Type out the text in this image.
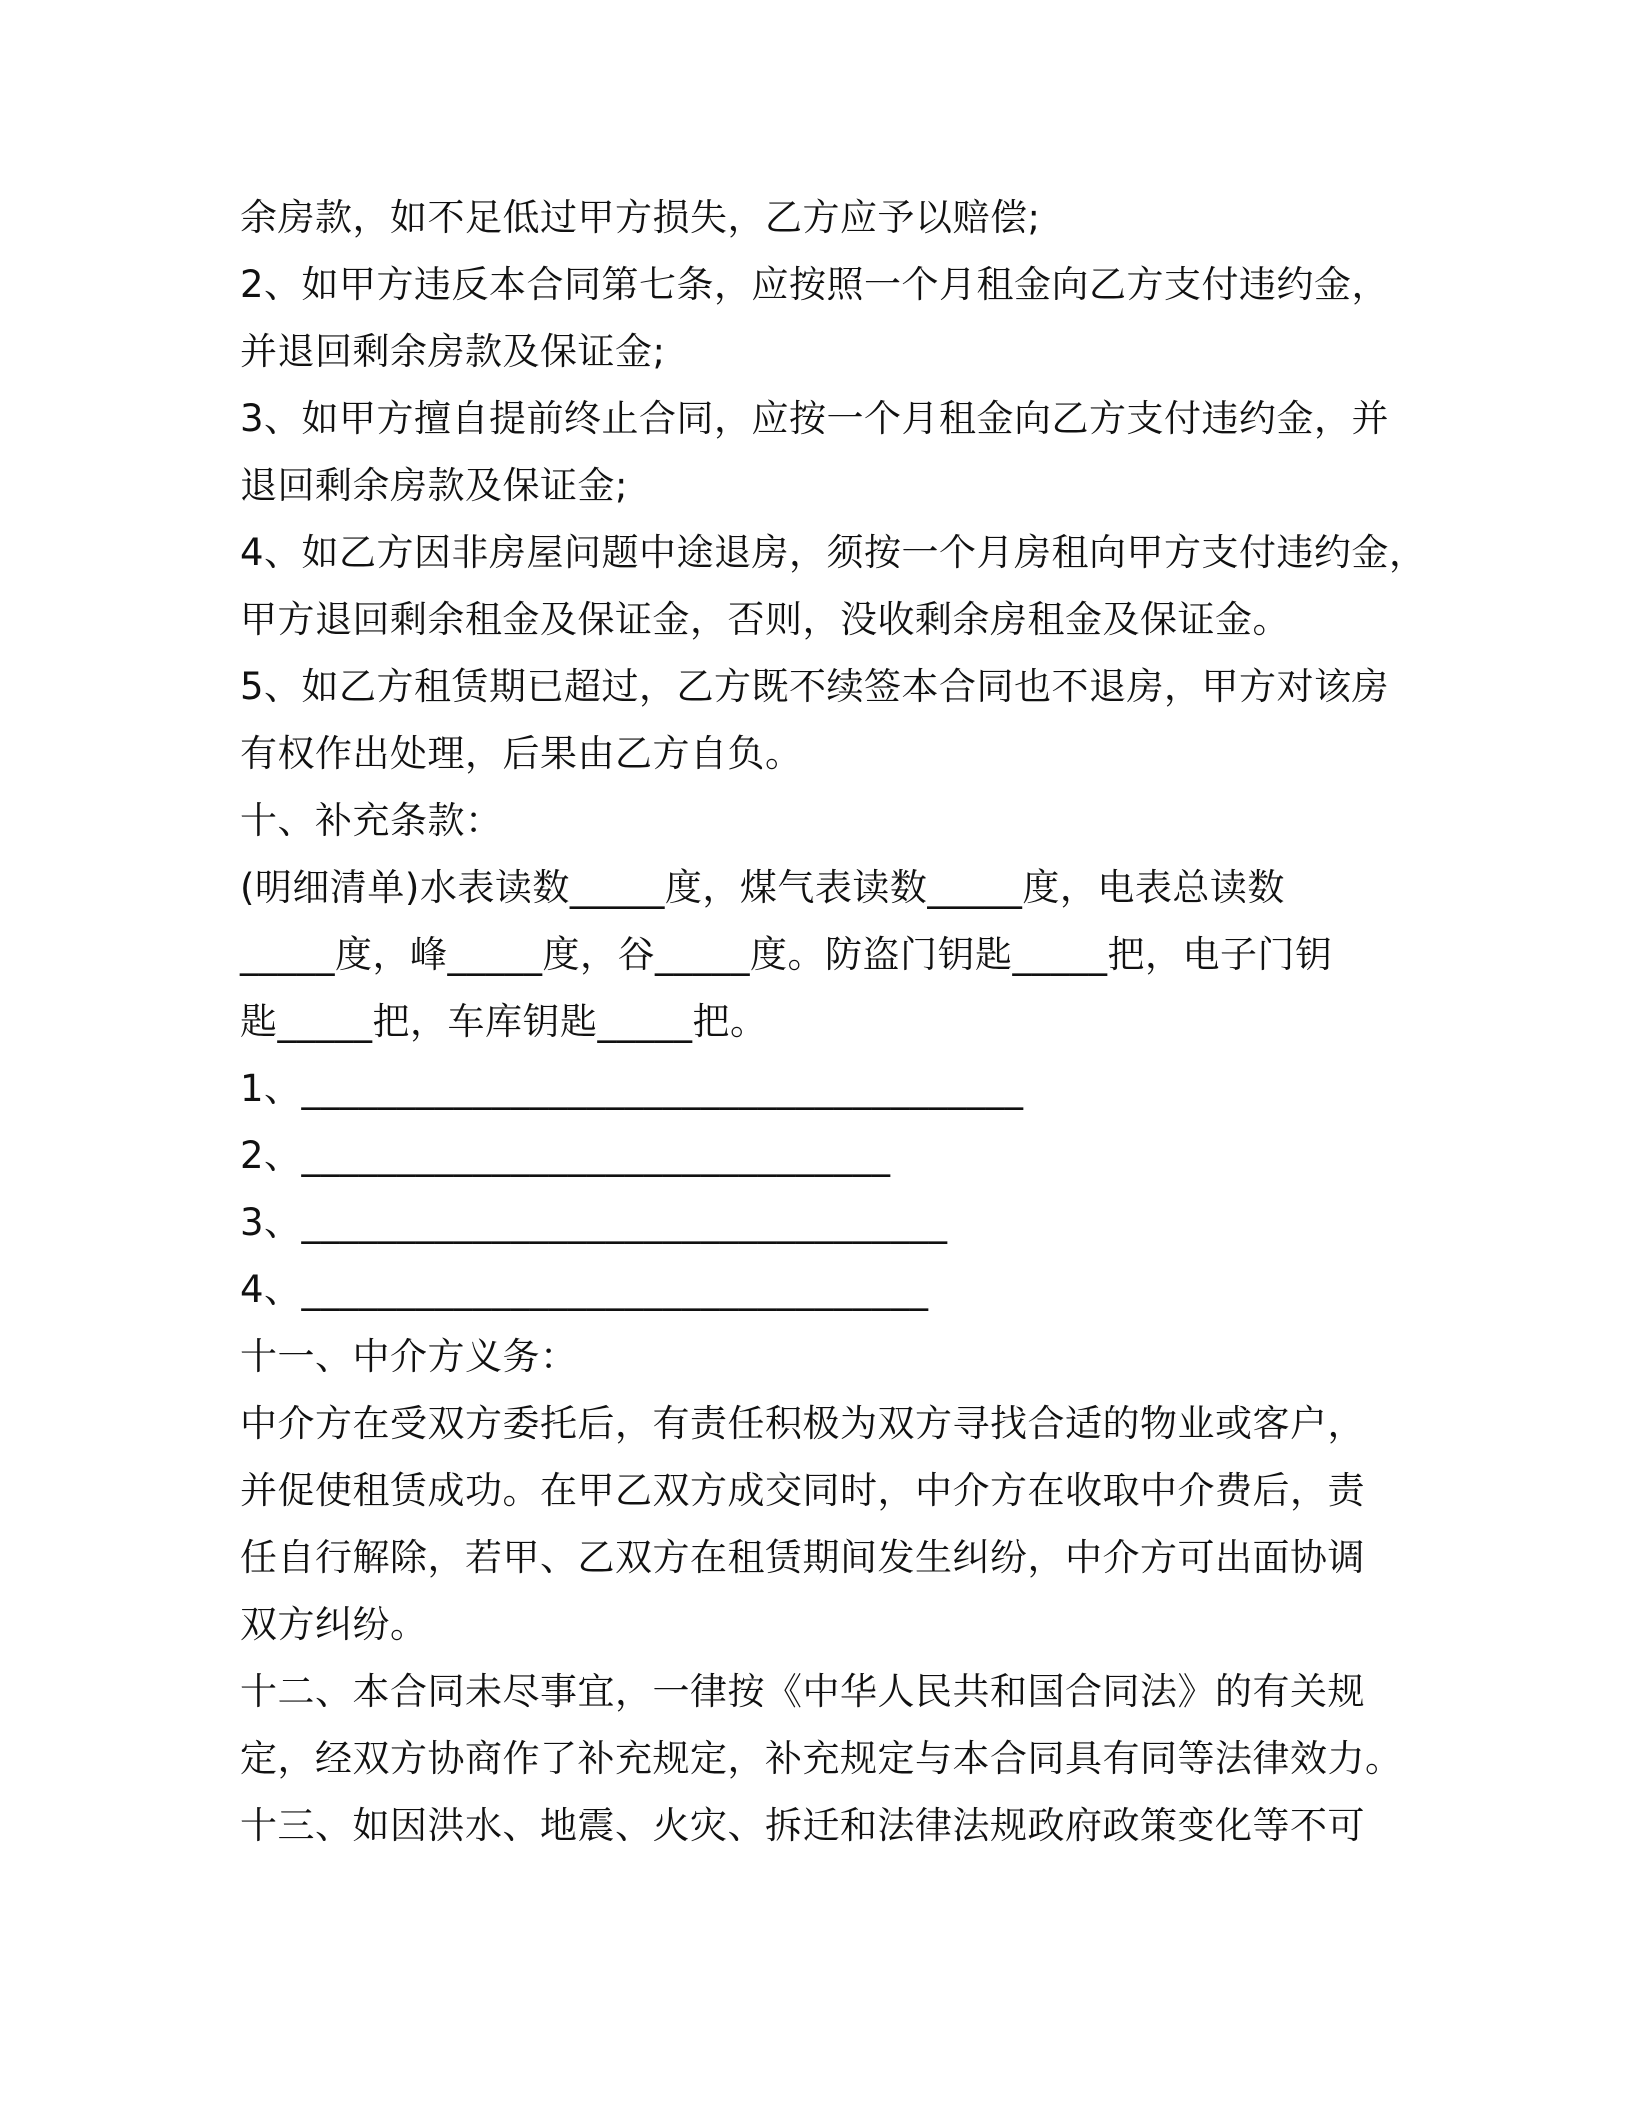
余房款，如不足低过甲方损失，乙方应予以赔偿;
2、如甲方违反本合同第七条，应按照一个月租金向乙方支付违约金，
并退回剩余房款及保证金;
3、如甲方擅自提前终止合同，应按一个月租金向乙方支付违约金，并
退回剩余房款及保证金;
4、如乙方因非房屋问题中途退房，须按一个月房租向甲方支付违约金，
甲方退回剩余租金及保证金，否则，没收剩余房租金及保证金。
5、如乙方租赁期已超过，乙方既不续签本合同也不退房，甲方对该房
有权作出处理，后果由乙方自负。
十、补充条款：
(明细清单)水表读数_____度，煤气表读数_____度，电表总读数
_____度，峰_____度，谷_____度。防盗门钥匙_____把，电子门钥
匙_____把，车库钥匙_____把。
1、______________________________________
2、_______________________________
3、__________________________________
4、_________________________________
十一、中介方义务：
中介方在受双方委托后，有责任积极为双方寻找合适的物业或客户，
并促使租赁成功。在甲乙双方成交同时，中介方在收取中介费后，责
任自行解除，若甲、乙双方在租赁期间发生纠纷，中介方可出面协调
双方纠纷。
十二、本合同未尽事宜，一律按《中华人民共和国合同法》的有关规
定，经双方协商作了补充规定，补充规定与本合同具有同等法律效力。
十三、如因洪水、地震、火灾、拆迁和法律法规政府政策变化等不可
